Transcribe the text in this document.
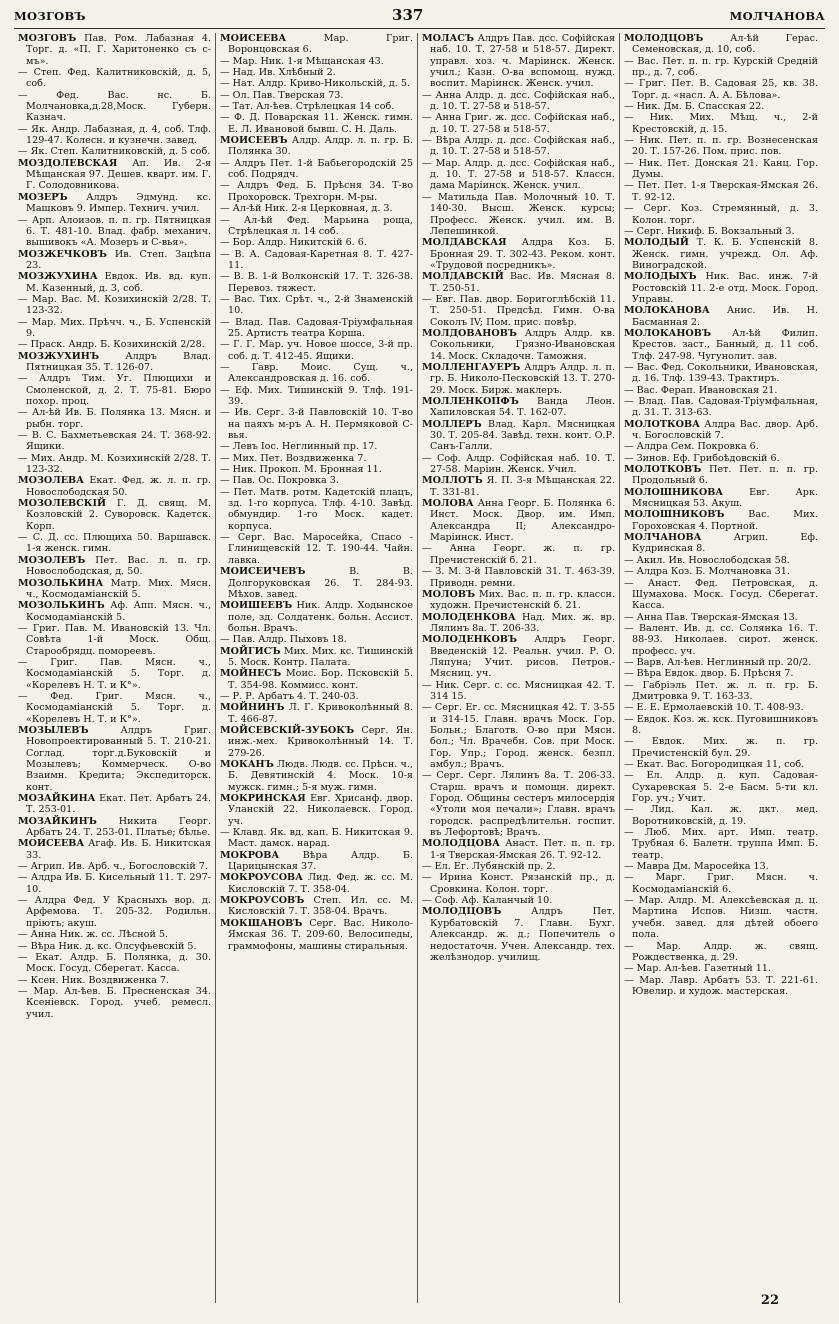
МОЗГОВЪ	337	МОЛЧАНОВА

МОЗГОВЪ Пав. Ром. Лабазная 4. Торг. д. «П. Г. Харитоненко съ с-мъ».

— Степ. Фед. Калитниковскій, д. 5, соб.

— Фед. Вас. нс. Б. Молчановка,д.28,Моск. Губерн. Казнач.

— Як. Андр. Лабазная, д. 4, соб. Тлф. 129-47. Колесн. и кузнечн. завед.

— Як. Степ. Калитниковскій, д. 5 соб.

МОЗДОЛЕВСКАЯ Ап. Ив. 2-я Мѣщанская 97. Дешев. кварт. им. Г. Г. Солодовникова.

МОЗЕРЪ Алдръ Эдмунд. кс. Машковъ 9. Импер. Технич. учил.

— Арп. Алоизов. п. п. гр. Пятницкая 6. Т. 481-10. Влад. фабр. механич. вышивокъ «А. Мозеръ и С-вья».

МОЗЖЕЧКОВЪ Ив. Степ. Зацѣпа 23.

МОЗЖУХИНА Евдок. Ив. вд. куп. М. Казенный, д. 3, соб.

— Мар. Вас. М. Козихинскій 2/28. Т. 123-32.

— Мар. Мих. Прѣчч. ч., Б. Успенскій 9.

— Праск. Андр. Б. Козихинскій 2/28.

МОЗЖУХИНЪ Алдръ Влад. Пятницкая 35. Т. 126-07.

— Алдръ Тим. Уг. Плющихи и Смоленской, д. 2. Т. 75-81. Бюро похор. проц.

— Ал-ѣй Ив. Б. Полянка 13. Мясн. и рыбн. торг.

— В. С. Бахметьевская 24. Т. 368-92. Ящики.

— Мих. Андр. М. Козихинскій 2/28. Т. 123-32.

МОЗОЛЕВА Екат. Фед. ж. л. п. гр. Новослободская 50.

МОЗОЛЕВСКІЙ Г. Д. свящ. М. Козловскій 2. Суворовск. Кадетск. Корп.

— С. Д. сс. Плющиха 50. Варшавск. 1-я женск. гимн.

МОЗОЛЕВЪ Пет. Вас. л. п. гр. Новослободская, д. 50.

МОЗОЛЬКИНА Матр. Мих. Мясн. ч., Космодамiанскій 5.

МОЗОЛЬКИНЪ Аф. Апп. Мясн. ч., Космодамiанскій 5.

— Григ. Пав. М. Ивановскій 13. Чл. Совѣта 1-й Моск. Общ. Старообрядц. помореевъ.

— Григ. Пав. Мясн. ч., Космодамiанскій 5. Торг. д. «Корелевъ Н. Т. и К°».

— Фед. Григ. Мясн. ч., Космодамiанскій 5. Торг. д. «Корелевъ Н. Т. и К°».

МОЗЫЛЕВЪ Алдръ Григ. Новопроектированный 5. Т. 210-21. Соглад. торг.д.Буковскій и Мозылевъ; Коммерческ. О-во Взаимн. Кредита; Экспедиторск. конт.

МОЗАЙКИНА Екат. Пет. Арбатъ 24. Т. 253-01.

МОЗАЙКИНЪ Никита Георг. Арбатъ 24. Т. 253-01. Платье; бѣлье.

МОИСЕЕВА Агаф. Ив. Б. Никитская 33.

— Агрип. Ив. Арб. ч., Богословскій 7.

— Алдра Ив. Б. Кисельный 11. Т. 297-10.

— Алдра Фед. У Красныхъ вор. д. Арфемова. Т. 205-32. Родильн. пріютъ; акуш.

— Анна Ник. ж. сс. Лѣсной 5.

— Вѣра Ник. д. кс. Олсуфьевскій 5.

— Екат. Алдр. Б. Полянка, д. 30. Моск. Госуд. Сберегат. Касса.

— Ксен. Ник. Воздвиженка 7.

— Мар. Ал-ѣев. Б. Пресненская 34. Ксеніевск. Город. учеб. ремесл. учил.

МОИСЕЕВА Мар. Григ. Воронцовская 6.

— Мар. Ник. 1-я Мѣщанская 43.

— Над. Ив. Хлѣбный 2.

— Нат. Алдр. Криво-Никольскій, д. 5.

— Ол. Пав. Тверская 73.

— Тат. Ал-ѣев. Стрѣлецкая 14 соб.

— Ф. Д. Поварская 11. Женск. гимн. Е. Л. Ивановой бывш. С. Н. Даль.

МОИСЕЕВЪ Алдр. Алдр. л. п. гр. Б. Полянка 30.

— Алдръ Пет. 1-й Бабьегородскій 25 соб. Подрядч.

— Алдръ Фед. Б. Прѣсня 34. Т-во Прохоровск. Трехгорн. М-ры.

— Ал-ѣй Ник. 2-я Церковная, д. 3.

— Ал-ѣй Фед. Марьина роща, Стрѣлецкая л. 14 соб.

— Бор. Алдр. Никитскій 6. 6.

— В. А. Садовая-Каретная 8. Т. 427-11.

— В. В. 1-й Волконскій 17. Т. 326-38. Перевоз. тяжест.

— Вас. Тих. Срѣт. ч., 2-й Знаменскій 10.

— Влад. Пав. Садовая-Тріумфальная 25. Артистъ театра Корша.

— Г. Г. Мар. уч. Новое шоссе, 3-й пр. соб. д. Т. 412-45. Ящики.

— Гавр. Моис. Сущ. ч., Александровская д. 16. соб.

— Еф. Мих. Тишинскій 9. Тлф. 191-39.

— Ив. Серг. 3-й Павловскій 10. Т-во на паяхъ м-ръ А. Н. Пермяковой С-вья.

— Левъ Іос. Неглинный пр. 17.

— Мих. Пет. Воздвиженка 7.

— Ник. Прокоп. М. Бронная 11.

— Пав. Ос. Покровка 3.

— Пет. Матв. ротм. Кадетскій плацъ, зд. 1-го корпуса. Тлф. 4-10. Завѣд. обмундир. 1-го Моск. кадет. корпуса.

— Серг. Вас. Маросейка, Спасо - Глинищевскій 12. Т. 190-44. Чайн. лавка.

МОИСЕИЧЕВЪ В. В. Долгоруковская 26. Т. 284-93. Мѣхов. завед.

МОИШЕЕВЪ Ник. Алдр. Ходынское поле, зд. Солдатенк. больн. Ассист. больн. Врачъ.

— Пав. Алдр. Пыховъ 18.

МОЙГИСЪ Мих. Мих. кс. Тишинскій 5. Моск. Контр. Палата.

МОЙНЕСЪ Моис. Бор. Псковскій 5. Т. 354-98. Коммисс. конт.

— Р. Р. Арбатъ 4. Т. 240-03.

МОЙНИНЪ Л. Г. Кривоколѣнный 8. Т. 466-87.

МОЙСЕВСКІЙ-ЗУБОКЪ Серг. Ян. инж.-мех. Кривоколѣнный 14. Т. 279-26.

МОКАНЪ Людв. Людв. сс. Прѣсн. ч., Б. Девятинскій 4. Моск. 10-я мужск. гимн.; 5-я муж. гимн.

МОКРИНСКАЯ Евг. Хрисанф. двор. Уланскій 22. Николаевск. Город. уч.

— Клавд. Як. вд. кап. Б. Никитская 9. Маст. дамск. нарад.

МОКРОВА Вѣра Алдр. Б. Царицынская 37.

МОКРОУСОВА Лид. Фед. ж. сс. М. Кисловскій 7. Т. 358-04.

МОКРОУСОВЪ Степ. Ил. сс. М. Кисловскій 7. Т. 358-04. Врачъ.

МОКШАНОВЪ Серг. Вас. Николо-Ямская 36. Т. 209-60. Велосипеды, граммофоны, машины стиральныя.

МОЛАСЪ Алдръ Пав. дсс. Софійская наб. 10. Т. 27-58 и 518-57. Директ. управл. хоз. ч. Маріинск. Женск. учил.; Казн. О-ва вспомощ. нужд. воспит. Маріинск. Женск. учил.

— Анна Алдр. д. дсс. Софійская наб., д. 10. Т. 27-58 и 518-57.

— Анна Григ. ж. дсс. Софійская наб., д. 10. Т. 27-58 и 518-57.

— Вѣра Алдр. д. дсс. Софійская наб., д. 10. Т. 27-58 и 518-57.

— Мар. Алдр. д. дсс. Софійская наб., д. 10. Т. 27-58 и 518-57. Классн. дама Маріинск. Женск. учил.

— Матильда Пав. Молочный 10. Т. 140-30. Высш. Женск. курсы; Професс. Женск. учил. им. В. Лепешинкой.

МОЛДАВСКАЯ Алдра Коз. Б. Бронная 29. Т. 302-43. Реком. конт. «Трудовой посредникъ».

МОЛДАВСКІЙ Вас. Ив. Мясная 8. Т. 250-51.

— Евг. Пав. двор. Боригоглѣбскій 11. Т. 250-51. Предсѣд. Гимн. О-ва Соколъ IV; Пом. прис. повѣр.

МОЛДОВАНОВЪ Алдръ Алдр. кв. Сокольники, Грязно-Ивановская 14. Моск. Складочн. Таможня.

МОЛЛЕНГАУЕРЪ Алдръ Алдр. л. п. гр. Б. Николо-Песковскій 13. Т. 270-29. Моск. Бирж. маклеръ.

МОЛЛЕНКОПФЪ Ванда Леон. Хапиловская 54. Т. 162-07.

МОЛЛЕРЪ Влад. Карл. Мясницкая 30. Т. 205-84. Завѣд. техн. конт. О.Р. Санъ-Галли.

— Соф. Алдр. Софійская наб. 10. Т. 27-58. Маріин. Женск. Учил.

МОЛЛОТЪ Я. П. 3-я Мѣщанская 22. Т. 331-81.

МОЛОВА Анна Георг. Б. Полянка 6. Инст. Моск. Двор. им. Имп. Александра II; Александро-Маріинск. Инст.

— Анна Георг. ж. п. гр. Пречистенскій б. 21.

— З. М. 3-й Павловскій 31. Т. 463-39. Приводн. ремни.

МОЛОВЪ Мих. Вас. п. п. гр. классн. художн. Пречистенскій б. 21.

МОЛОДЕНКОВА Над. Мих. ж. вр. Лялинъ 8а. Т. 206-33.

МОЛОДЕНКОВЪ Алдръ Георг. Введенскій 12. Реальн. учил. Р. О. Ляпуна; Учит. рисов. Петров.-Мясниц. уч.

— Ник. Серг. с. сс. Мясницкая 42. Т. 314 15.

— Серг. Ег. сс. Мясницкая 42. Т. 3-55 и 314-15. Главн. врачъ Моск. Гор. Больн.; Благотв. О-во при Мясн. бол.; Чл. Врачебн. Сов. при Моск. Гор. Упр.; Город. женск. безпл. амбул.; Врачъ.

— Серг. Серг. Лялинъ 8а. Т. 206-33. Старш. врачъ и помощн. директ. Город. Общины сестеръ милосердія «Утоли моя печали»; Главн. врачъ городск. распредѣлительн. госпит. въ Лефортовѣ; Врачъ.

МОЛОДЦОВА Анаст. Пет. п. п. гр. 1-я Тверская-Ямская 26. Т. 92-12.

— Ел. Ег. Лубянскій пр. 2.

— Ирина Конст. Рязанскій пр., д. Сровкина. Колон. торг.

— Соф. Аф. Каланчый 10.

МОЛОДЦОВЪ Алдръ Пет. Курбатовскій 7. Главн. Бухг. Александр. ж. д.; Попечитель о недостаточн. Учен. Александр. тех. желѣзнодор. училищ.

МОЛОДЦОВЪ Ал-ѣй Герас. Семеновская, д. 10, соб.

— Вас. Пет. п. п. гр. Курскій Средній пр., д. 7, соб.

— Григ. Пет. В. Садовая 25, кв. 38. Торг. д. «насл. А. А. Бѣлова».

— Ник. Дм. Б. Спасская 22.

— Ник. Мих. Мѣщ. ч., 2-й Крестовскій, д. 15.

— Ник. Пет. п. п. гр. Вознесенская 20. Т. 157-26. Пом. прис. пов.

— Ник. Пет. Донская 21. Канц. Гор. Думы.

— Пет. Пет. 1-я Тверская-Ямская 26. Т. 92-12.

— Серг. Коз. Стремянный, д. 3. Колон. торг.

— Серг. Никиф. Б. Вокзальный 3.

МОЛОДЫЙ Т. К. Б. Успенскій 8. Женск. гимн. учрежд. Ол. Аф. Виноградской.

МОЛОДЫХЪ Ник. Вас. инж. 7-й Ростовскій 11. 2-е отд. Моск. Город. Управы.

МОЛОКАНОВА Анис. Ив. Н. Басманная 2.

МОЛОКАНОВЪ Ал-ѣй Филип. Крестов. заст., Банный, д. 11 соб. Тлф. 247-98. Чугунолит. зав.

— Вас. Фед. Сокольники, Ивановская, д. 16. Тлф. 139-43. Трактиръ.

— Вас. Ферап. Ивановская 21.

— Влад. Пав. Садовая-Тріумфальная, д. 31. Т. 313-63.

МОЛОТКОВА Алдра Вас. двор. Арб. ч. Богословскій 7.

— Алдра Сем. Покровка 6.

— Зинов. Еф. Грибоѣдовскій 6.

МОЛОТКОВЪ Пет. Пет. п. п. гр. Продольный 6.

МОЛОШНИКОВА Евг. Арк. Мясницкая 53. Акуш.

МОЛОШНИКОВЪ Вас. Мих. Гороховская 4. Портной.

МОЛЧАНОВА Агрип. Еф. Кудринская 8.

— Акил. Ив. Новослободская 58.

— Алдра Коз. Б. Молчановка 31.

— Анаст. Фед. Петровская, д. Шумахова. Моск. Госуд. Сберегат. Касса.

— Анна Пав. Тверская-Ямская 13.

— Валент. Ив. д. сс. Солянка 16. Т. 88-93. Николаев. сирот. женск. професс. уч.

— Варв. Ал-ѣев. Неглинный пр. 20/2.

— Вѣра Евдок. двор. Б. Прѣсня 7.

— Габріэль Пет. ж. л. п. гр. Б. Дмитровка 9. Т. 163-33.

— Е. Е. Ермолаевскій 10. Т. 408-93.

— Евдок. Коз. ж. кск. Пуговишниковъ 8.

— Евдок. Мих. ж. п. гр. Пречистенскій бул. 29.

— Екат. Вас. Богородицкая 11, соб.

— Ел. Алдр. д. куп. Садовая-Сухаревская 5. 2-е Басм. 5-ти кл. Гор. уч.; Учит.

— Лид. Кал. ж. дкт. мед. Воротниковскій, д. 19.

— Люб. Мих. арт. Имп. театр. Трубная 6. Балетн. труппа Имп. Б. театр.

— Мавра Дм. Маросейка 13.

— Марг. Григ. Мясн. ч. Космодамiанскій 6.

— Мар. Алдр. М. Алексѣевская д. ц. Мартина Испов. Низш. частн. учебн. завед. для дѣтей обоего пола.

— Мар. Алдр. ж. свящ. Рождественка, д. 29.

— Мар. Ал-ѣев. Газетный 11.

— Мар. Лавр. Арбатъ 53. Т. 221-61. Ювелир. и худож. мастерская.

22
